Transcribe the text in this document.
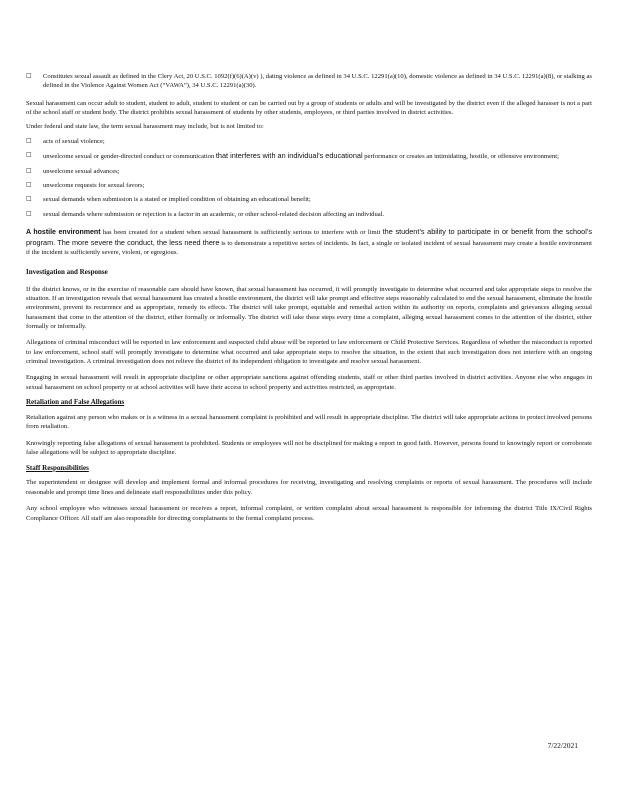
□	Constitutes sexual assault as defined in the Clery Act, 20 U.S.C. 1092(f)(6)(A)(v) ), dating violence as defined in 34 U.S.C. 12291(a)(10), domestic violence as defined in 34 U.S.C. 12291(a)(8), or stalking as defined in the Violence Against Women Act (“VAWA”), 34 U.S.C. 12291(a)(30).

Sexual harassment can occur adult to student, student to adult, student to student or can be carried out by a group of students or adults and will be investigated by the district even if the alleged harasser is not a part of the school staff or student body. The district prohibits sexual harassment of students by other students, employees, or third parties involved in district activities.

Under federal and state law, the term sexual harassment may include, but is not limited to:

□	acts of sexual violence;
□	unwelcome sexual or gender-directed conduct or communication that interferes with an individual’s educational performance or creates an intimidating, hostile, or offensive environment;
□	unwelcome sexual advances;
□	unwelcome requests for sexual favors;
□	sexual demands when submission is a stated or implied condition of obtaining an educational benefit;
□	sexual demands where submission or rejection is a factor in an academic, or other school-related decision affecting an individual.

A hostile environment has been created for a student when sexual harassment is sufficiently serious to interfere with or limit the student’s ability to participate in or benefit from the school’s program. The more severe the conduct, the less need there is to demonstrate a repetitive series of incidents. In fact, a single or isolated incident of sexual harassment may create a hostile environment if the incident is sufficiently severe, violent, or egregious.

Investigation and Response

If the district knows, or in the exercise of reasonable care should have known, that sexual harassment has occurred, it will promptly investigate to determine what occurred and take appropriate steps to resolve the situation. If an investigation reveals that sexual harassment has created a hostile environment, the district will take prompt and effective steps reasonably calculated to end the sexual harassment, eliminate the hostile environment, prevent its recurrence and as appropriate, remedy its effects. The district will take prompt, equitable and remedial action within its authority on reports, complaints and grievances alleging sexual harassment that come to the attention of the district, either formally or informally. The district will take these steps every time a complaint, alleging sexual harassment comes to the attention of the district, either formally or informally.

Allegations of criminal misconduct will be reported to law enforcement and suspected child abuse will be reported to law enforcement or Child Protective Services. Regardless of whether the misconduct is reported to law enforcement, school staff will promptly investigate to determine what occurred and take appropriate steps to resolve the situation, to the extent that such investigation does not interfere with an ongoing criminal investigation. A criminal investigation does not relieve the district of its independent obligation to investigate and resolve sexual harassment.

Engaging in sexual harassment will result in appropriate discipline or other appropriate sanctions against offending students, staff or other third parties involved in district activities. Anyone else who engages in sexual harassment on school property or at school activities will have their access to school property and activities restricted, as appropriate.

Retaliation and False Allegations

Retaliation against any person who makes or is a witness in a sexual harassment complaint is prohibited and will result in appropriate discipline. The district will take appropriate actions to protect involved persons from retaliation.

Knowingly reporting false allegations of sexual harassment is prohibited. Students or employees will not be disciplined for making a report in good faith. However, persons found to knowingly report or corroborate false allegations will be subject to appropriate discipline.

Staff Responsibilities

The superintendent or designee will develop and implement formal and informal procedures for receiving, investigating and resolving complaints or reports of sexual harassment. The procedures will include reasonable and prompt time lines and delineate staff responsibilities under this policy.

Any school employee who witnesses sexual harassment or receives a report, informal complaint, or written complaint about sexual harassment is responsible for informing the district Title IX/Civil Rights Compliance Officer. All staff are also responsible for directing complainants to the formal complaint process.

7/22/2021
